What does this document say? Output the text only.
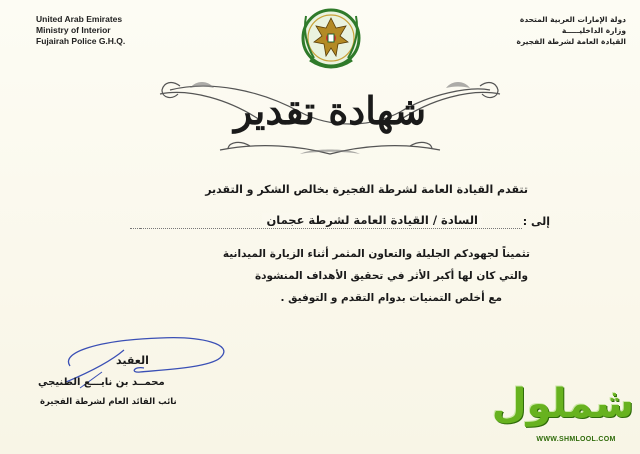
United Arab Emirates
Ministry of Interior
Fujairah Police G.H.Q.
دولة الإمارات العربية المتحدة
وزارة الداخليـــــة
القيادة العامة لشرطة الفجيرة
شهادة تقدير
تتقدم القيادة العامة لشرطة الفجيرة بخالص الشكر و التقدير
إلى :
السادة / القيادة العامة لشرطة عجمان
تثميناً لجهودكم الجليلة والتعاون المثمر أثناء الزيارة الميدانية
والتي كان لها أكبر الأثر في تحقيق الأهداف المنشودة
مع أخلص التمنيات بدوام التقدم و التوفيق .
العقيد
محمــد بن نايـــع الطنيجي
نائب القائد العام لشرطة الفجيرة	شملول
WWW.SHMLOOL.COM
